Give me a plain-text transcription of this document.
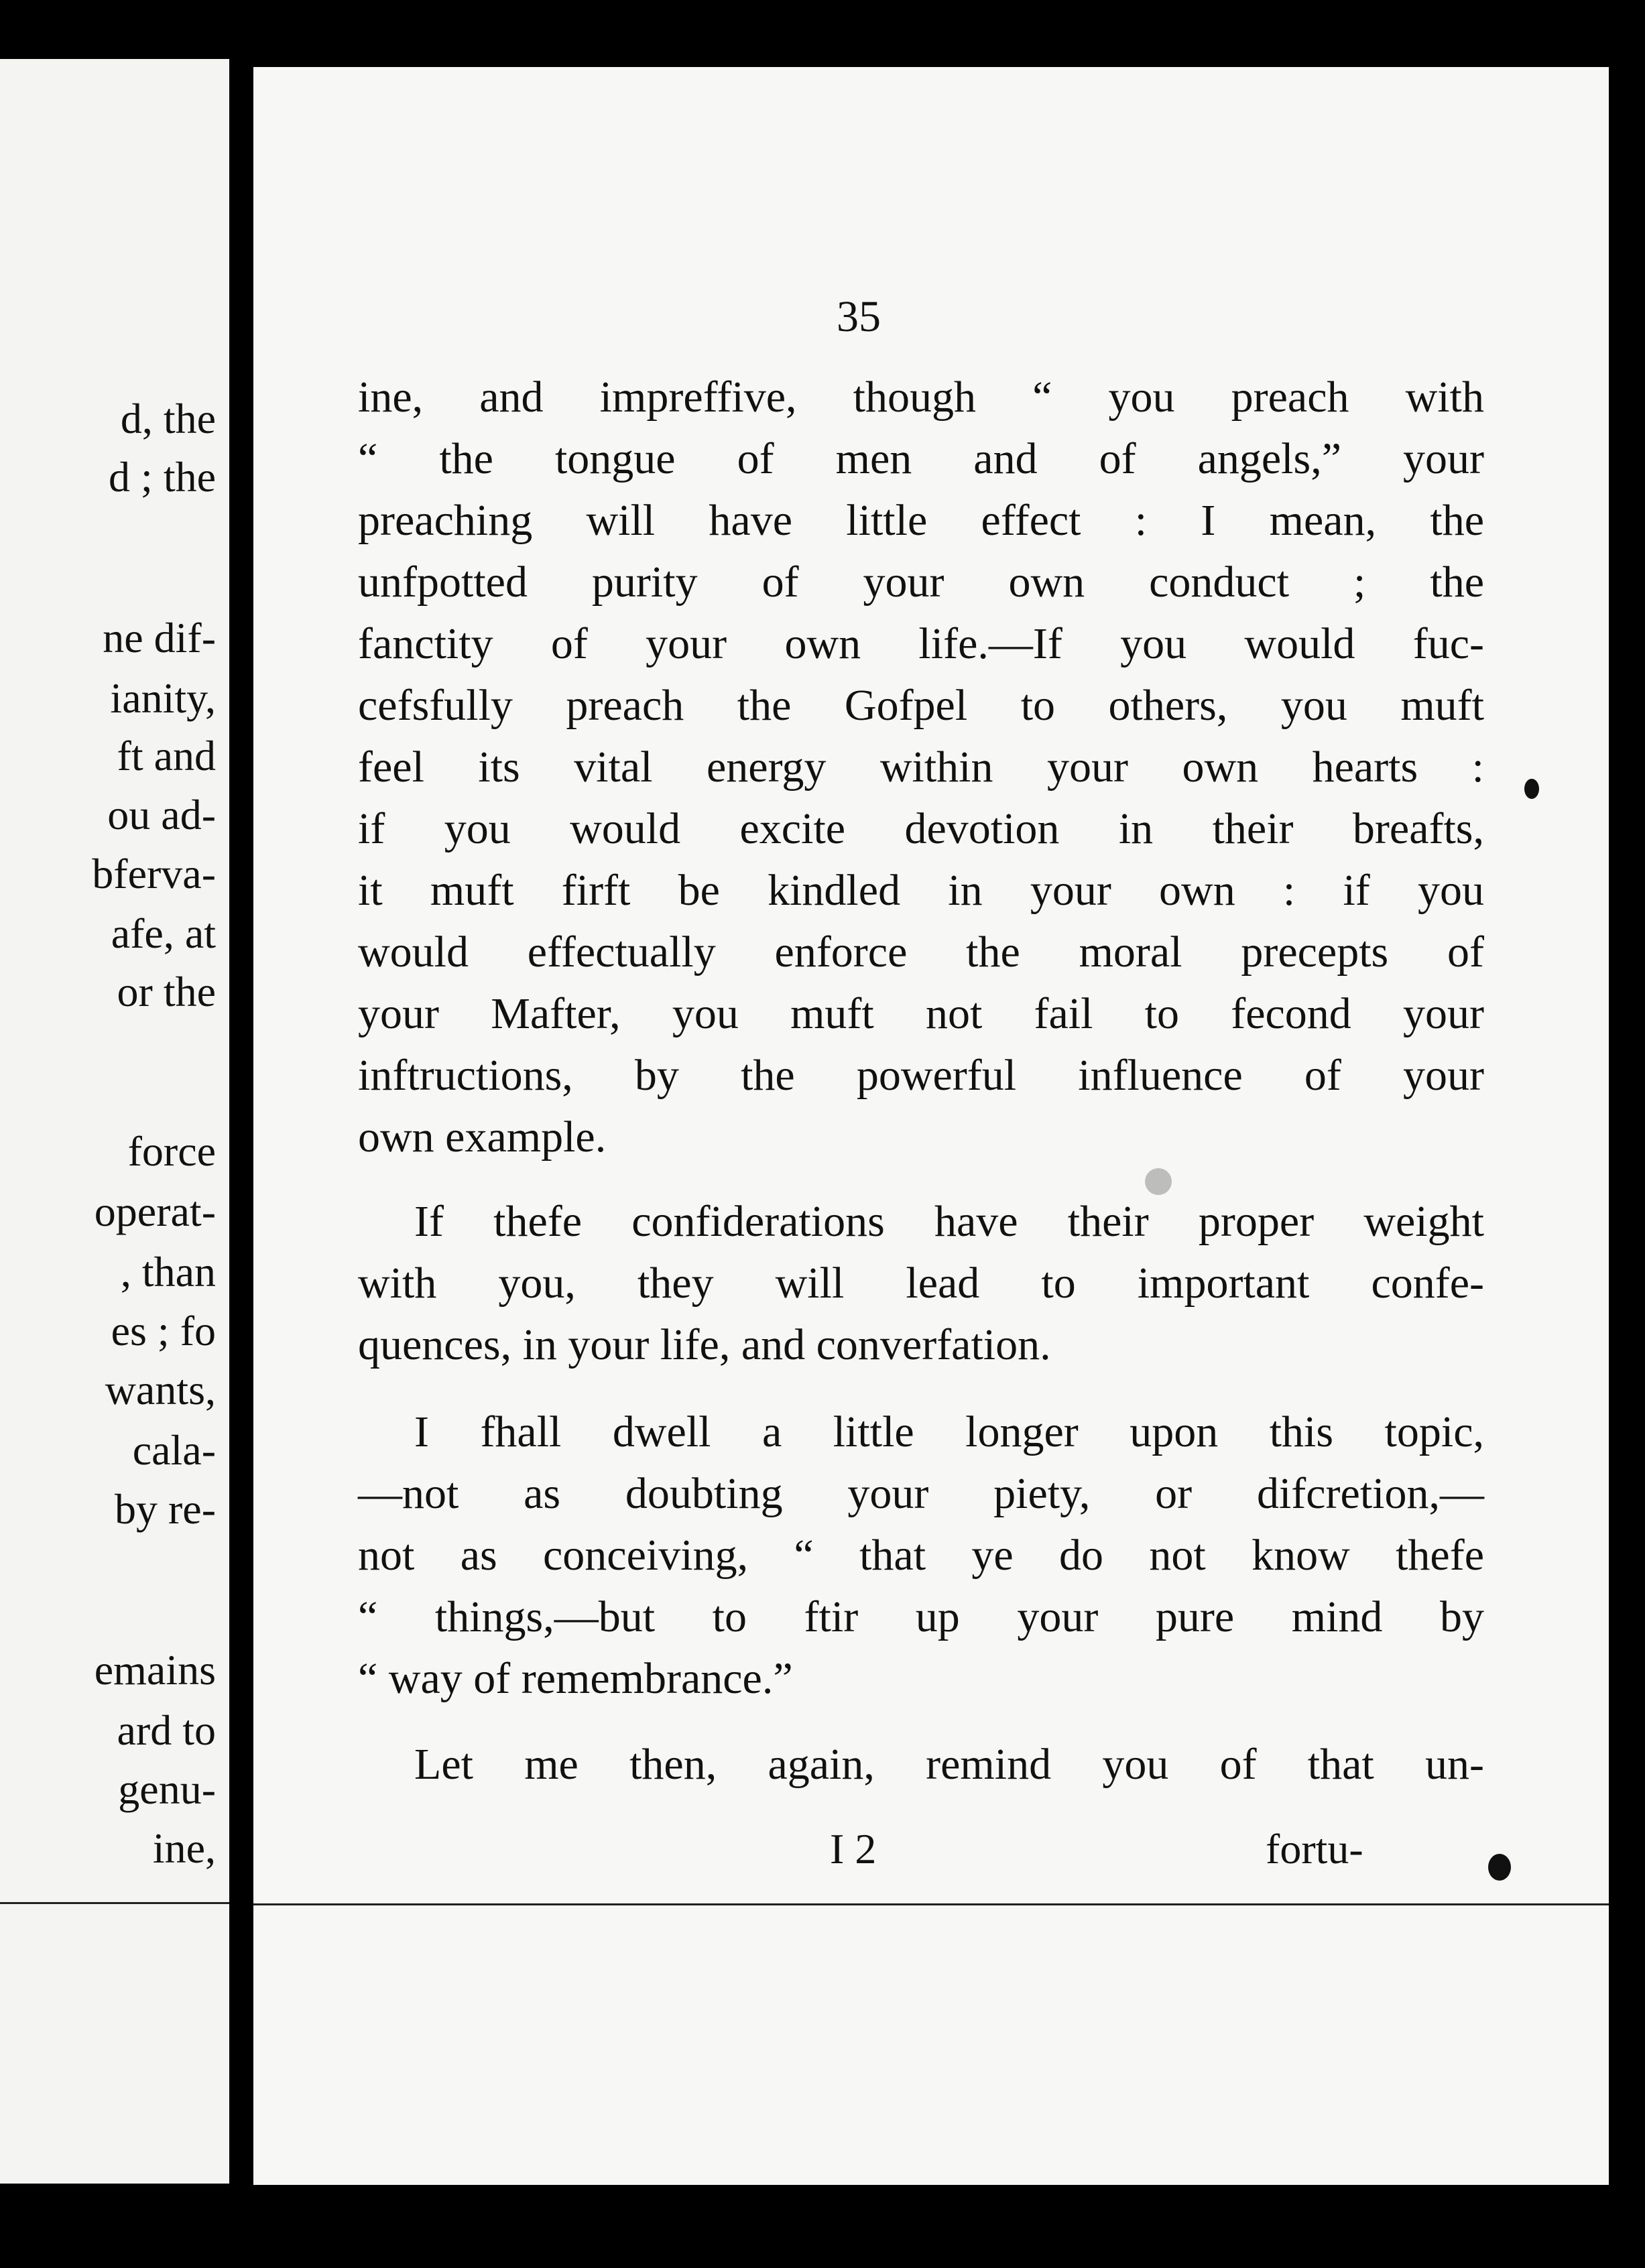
d, the
d ; the
ne dif-
ianity,
ft and
ou ad-
bferva-
afe, at
or the
force
operat-
, than
es ; fo
wants,
cala-
by re-
emains
ard to
genu-
ine,
35
ine, and impreffive, though “ you preach with
“ the tongue of men and of angels,” your
preaching will have little effect : I mean, the
unfpotted purity of your own conduct ; the
fanctity of your own life.—If you would fuc-
cefsfully preach the Gofpel to others, you muft
feel its vital energy within your own hearts :
if you would excite devotion in their breafts,
it muft firft be kindled in your own : if you
would effectually enforce the moral precepts of
your Mafter, you muft not fail to fecond your
inftructions, by the powerful influence of your
own example.
If thefe confiderations have their proper weight
with you, they will lead to important confe-
quences, in your life, and converfation.
I fhall dwell a little longer upon this topic,
—not as doubting your piety, or difcretion,—
not as conceiving, “ that ye do not know thefe
“ things,—but to ftir up your pure mind by
“ way of remembrance.”
Let me then, again, remind you of that un-
I 2	fortu-
